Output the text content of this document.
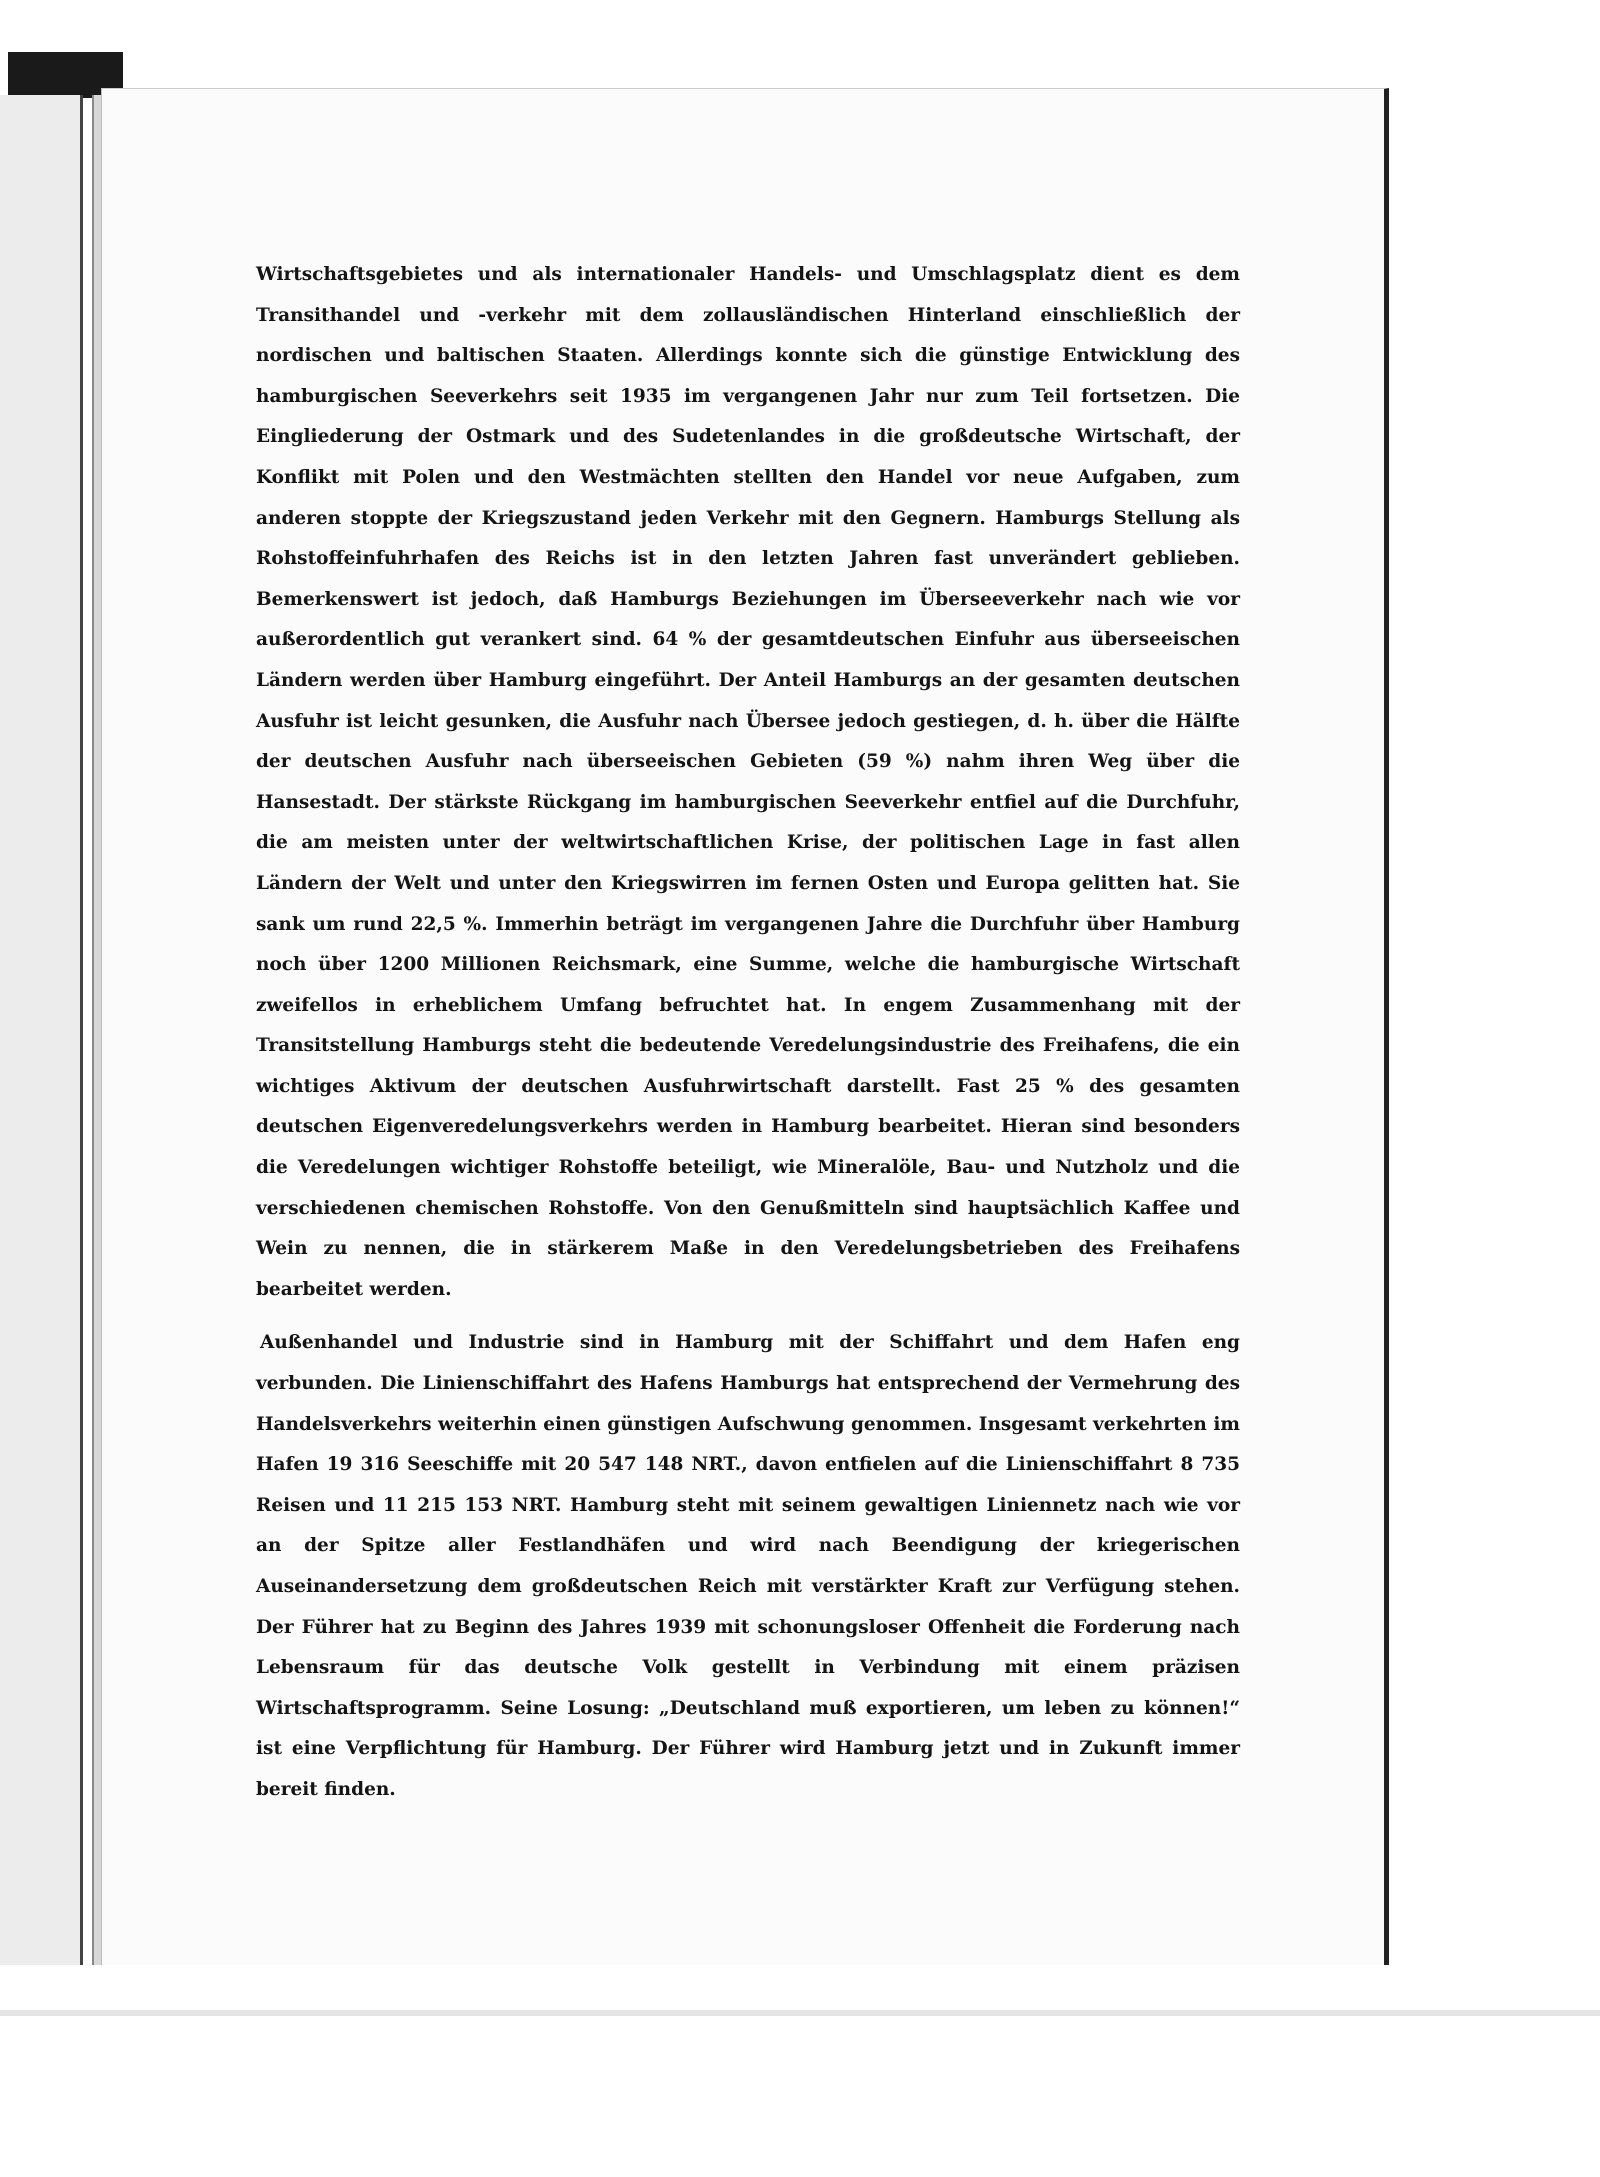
Wirtschaftsgebietes und als internationaler Handels- und Umschlagsplatz dient es dem Transithandel und -verkehr mit dem zollausländischen Hinterland einschließlich der nordischen und baltischen Staaten. Allerdings konnte sich die günstige Entwicklung des hamburgischen Seeverkehrs seit 1935 im vergangenen Jahr nur zum Teil fortsetzen. Die Eingliederung der Ostmark und des Sudetenlandes in die großdeutsche Wirtschaft, der Konflikt mit Polen und den Westmächten stellten den Handel vor neue Aufgaben, zum anderen stoppte der Kriegszustand jeden Verkehr mit den Gegnern. Hamburgs Stellung als Rohstoffeinfuhrhafen des Reichs ist in den letzten Jahren fast unverändert geblieben. Bemerkenswert ist jedoch, daß Hamburgs Beziehungen im Überseeverkehr nach wie vor außerordentlich gut verankert sind. 64 % der gesamtdeutschen Einfuhr aus überseeischen Ländern werden über Hamburg eingeführt. Der Anteil Hamburgs an der gesamten deutschen Ausfuhr ist leicht gesunken, die Ausfuhr nach Übersee jedoch gestiegen, d. h. über die Hälfte der deutschen Ausfuhr nach überseeischen Gebieten (59 %) nahm ihren Weg über die Hansestadt. Der stärkste Rückgang im hamburgischen Seeverkehr entfiel auf die Durchfuhr, die am meisten unter der weltwirtschaftlichen Krise, der politischen Lage in fast allen Ländern der Welt und unter den Kriegswirren im fernen Osten und Europa gelitten hat. Sie sank um rund 22,5 %. Immerhin beträgt im vergangenen Jahre die Durchfuhr über Hamburg noch über 1200 Millionen Reichsmark, eine Summe, welche die hamburgische Wirtschaft zweifellos in erheblichem Umfang befruchtet hat. In engem Zusammenhang mit der Transitstellung Hamburgs steht die bedeutende Veredelungsindustrie des Freihafens, die ein wichtiges Aktivum der deutschen Ausfuhrwirtschaft darstellt. Fast 25 % des gesamten deutschen Eigenveredelungsverkehrs werden in Hamburg bearbeitet. Hieran sind besonders die Veredelungen wichtiger Rohstoffe beteiligt, wie Mineralöle, Bau- und Nutzholz und die verschiedenen chemischen Rohstoffe. Von den Genußmitteln sind hauptsächlich Kaffee und Wein zu nennen, die in stärkerem Maße in den Veredelungsbetrieben des Freihafens bearbeitet werden.

Außenhandel und Industrie sind in Hamburg mit der Schiffahrt und dem Hafen eng verbunden. Die Linienschiffahrt des Hafens Hamburgs hat entsprechend der Vermehrung des Handelsverkehrs weiterhin einen günstigen Aufschwung genommen. Insgesamt verkehrten im Hafen 19 316 Seeschiffe mit 20 547 148 NRT., davon entfielen auf die Linienschiffahrt 8 735 Reisen und 11 215 153 NRT. Hamburg steht mit seinem gewaltigen Liniennetz nach wie vor an der Spitze aller Festlandhäfen und wird nach Beendigung der kriegerischen Auseinandersetzung dem großdeutschen Reich mit verstärkter Kraft zur Verfügung stehen. Der Führer hat zu Beginn des Jahres 1939 mit schonungsloser Offenheit die Forderung nach Lebensraum für das deutsche Volk gestellt in Verbindung mit einem präzisen Wirtschaftsprogramm. Seine Losung: „Deutschland muß exportieren, um leben zu können!“ ist eine Verpflichtung für Hamburg. Der Führer wird Hamburg jetzt und in Zukunft immer bereit finden.
